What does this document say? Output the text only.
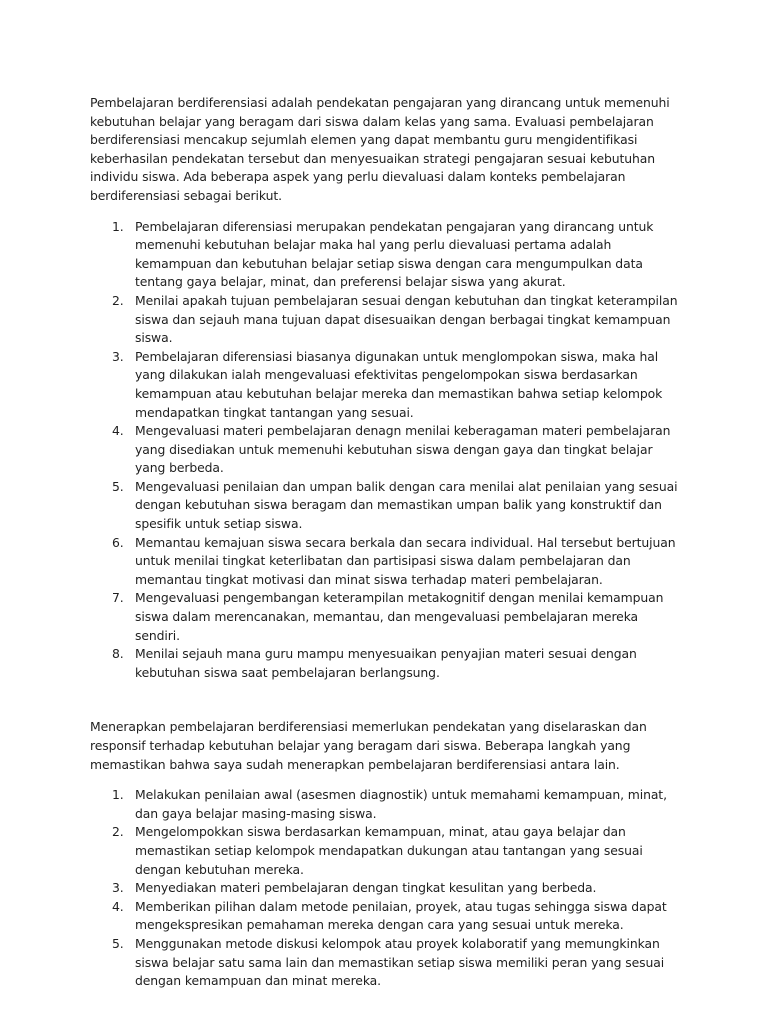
Pembelajaran berdiferensiasi adalah pendekatan pengajaran yang dirancang untuk memenuhi kebutuhan belajar yang beragam dari siswa dalam kelas yang sama. Evaluasi pembelajaran berdiferensiasi mencakup sejumlah elemen yang dapat membantu guru mengidentifikasi keberhasilan pendekatan tersebut dan menyesuaikan strategi pengajaran sesuai kebutuhan individu siswa. Ada beberapa aspek yang perlu dievaluasi dalam konteks pembelajaran berdiferensiasi sebagai berikut.

1. Pembelajaran diferensiasi merupakan pendekatan pengajaran yang dirancang untuk memenuhi kebutuhan belajar maka hal yang perlu dievaluasi pertama adalah kemampuan dan kebutuhan belajar setiap siswa dengan cara mengumpulkan data tentang gaya belajar, minat, dan preferensi belajar siswa yang akurat.
2. Menilai apakah tujuan pembelajaran sesuai dengan kebutuhan dan tingkat keterampilan siswa dan sejauh mana tujuan dapat disesuaikan dengan berbagai tingkat kemampuan siswa.
3. Pembelajaran diferensiasi biasanya digunakan untuk menglompokan siswa, maka hal yang dilakukan ialah mengevaluasi efektivitas pengelompokan siswa berdasarkan kemampuan atau kebutuhan belajar mereka dan memastikan bahwa setiap kelompok mendapatkan tingkat tantangan yang sesuai.
4. Mengevaluasi materi pembelajaran denagn menilai keberagaman materi pembelajaran yang disediakan untuk memenuhi kebutuhan siswa dengan gaya dan tingkat belajar yang berbeda.
5. Mengevaluasi penilaian dan umpan balik dengan cara menilai alat penilaian yang sesuai dengan kebutuhan siswa beragam dan memastikan umpan balik yang konstruktif dan spesifik untuk setiap siswa.
6. Memantau kemajuan siswa secara berkala dan secara individual. Hal tersebut bertujuan untuk menilai tingkat keterlibatan dan partisipasi siswa dalam pembelajaran dan memantau tingkat motivasi dan minat siswa terhadap materi pembelajaran.
7. Mengevaluasi pengembangan keterampilan metakognitif dengan menilai kemampuan siswa dalam merencanakan, memantau, dan mengevaluasi pembelajaran mereka sendiri.
8. Menilai sejauh mana guru mampu menyesuaikan penyajian materi sesuai dengan kebutuhan siswa saat pembelajaran berlangsung.

Menerapkan pembelajaran berdiferensiasi memerlukan pendekatan yang diselaraskan dan responsif terhadap kebutuhan belajar yang beragam dari siswa. Beberapa langkah yang memastikan bahwa saya sudah menerapkan pembelajaran berdiferensiasi antara lain.

1. Melakukan penilaian awal (asesmen diagnostik) untuk memahami kemampuan, minat, dan gaya belajar masing-masing siswa.
2. Mengelompokkan siswa berdasarkan kemampuan, minat, atau gaya belajar dan memastikan setiap kelompok mendapatkan dukungan atau tantangan yang sesuai dengan kebutuhan mereka.
3. Menyediakan materi pembelajaran dengan tingkat kesulitan yang berbeda.
4. Memberikan pilihan dalam metode penilaian, proyek, atau tugas sehingga siswa dapat mengekspresikan pemahaman mereka dengan cara yang sesuai untuk mereka.
5. Menggunakan metode diskusi kelompok atau proyek kolaboratif yang memungkinkan siswa belajar satu sama lain dan memastikan setiap siswa memiliki peran yang sesuai dengan kemampuan dan minat mereka.
